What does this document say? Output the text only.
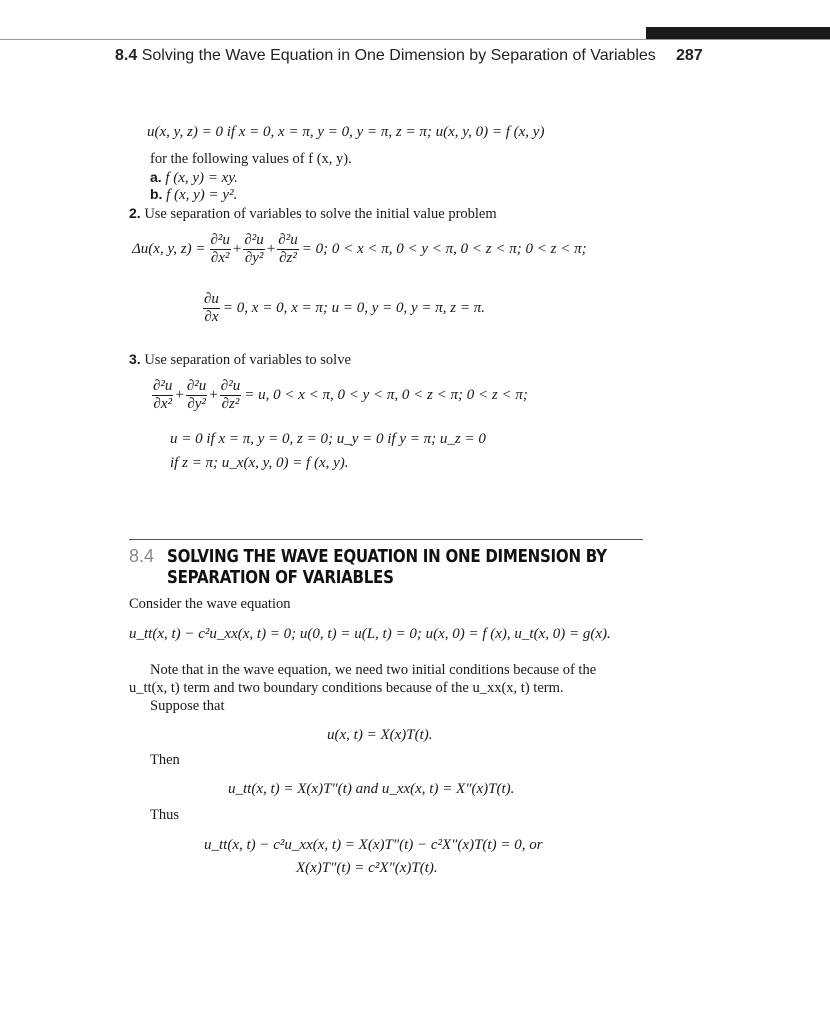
8.4 Solving the Wave Equation in One Dimension by Separation of Variables 287
u(x, y, z) = 0 if x = 0, x = π, y = 0, y = π, z = π; u(x, y, 0) = f (x, y)
for the following values of f (x, y).
a. f (x, y) = xy.
b. f (x, y) = y².
2. Use separation of variables to solve the initial value problem
Δu(x, y, $z) = \frac{\text{∂²u}}{\text{∂x²}} + \frac{\text{∂²u}}{\text{∂y²}} + \frac{\text{∂²u}}{\text{∂z²}} = 0$; 0 < x < π, 0 < y < π, 0 < z < π; 0 < z < π;
$\frac{\partial u}{\partial x} = 0$, x = 0, x = π; u = 0, y = 0, y = π, z = π.
3. Use separation of variables to solve
$\frac{\text{∂²u}}{\text{∂x²}} + \frac{\text{∂²u}}{\text{∂y²}} + \frac{\text{∂²u}}{\text{∂z²}} = u$, 0 < x < π, 0 < y < π, 0 < z < π; 0 < z < π;
u = 0 if x = π, y = 0, z = 0; u_y = 0 if y = π; u_z = 0
if z = π; u_x(x, y, 0) = f (x, y).
8.4 SOLVING THE WAVE EQUATION IN ONE DIMENSION BY
SEPARATION OF VARIABLES
Consider the wave equation
u_tt(x, t) − c²u_xx(x, t) = 0; u(0, t) = u(L, t) = 0; u(x, 0) = f (x), u_t(x, 0) = g(x).
Note that in the wave equation, we need two initial conditions because of the
u_tt(x, t) term and two boundary conditions because of the u_xx(x, t) term.
Suppose that
u(x, t) = X(x)T(t).
Then
u_tt(x, t) = X(x)T″(t) and u_xx(x, t) = X″(x)T(t).
Thus
u_tt(x, t) − c²u_xx(x, t) = X(x)T″(t) − c²X″(x)T(t) = 0, or
X(x)T″(t) = c²X″(x)T(t).
